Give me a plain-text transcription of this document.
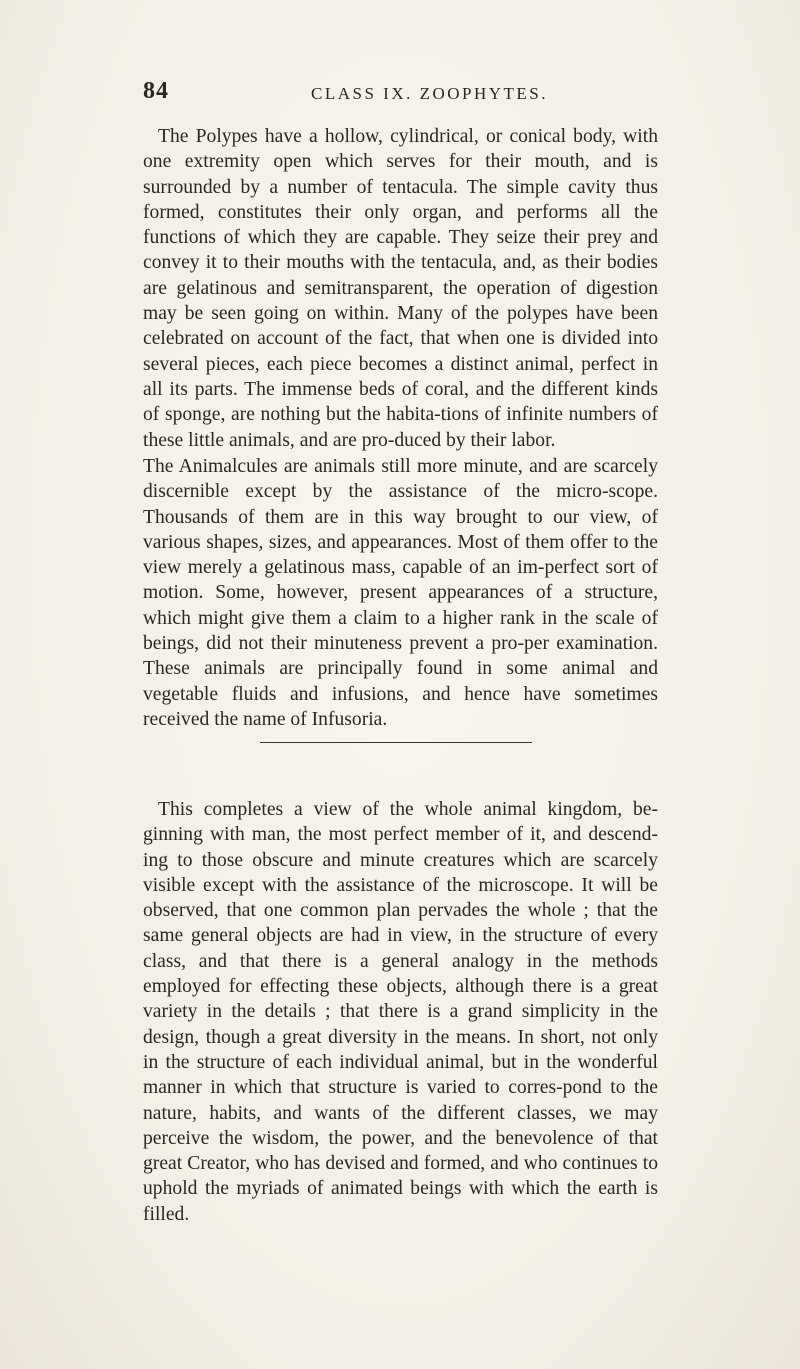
84	CLASS IX. ZOOPHYTES.

The Polypes have a hollow, cylindrical, or conical body, with one extremity open which serves for their mouth, and is surrounded by a number of tentacula. The simple cavity thus formed, constitutes their only organ, and performs all the functions of which they are capable. They seize their prey and convey it to their mouths with the tentacula, and, as their bodies are gelatinous and semitransparent, the operation of digestion may be seen going on within. Many of the polypes have been celebrated on account of the fact, that when one is divided into several pieces, each piece becomes a distinct animal, perfect in all its parts. The immense beds of coral, and the different kinds of sponge, are nothing but the habita-tions of infinite numbers of these little animals, and are pro-duced by their labor.

The Animalcules are animals still more minute, and are scarcely discernible except by the assistance of the micro-scope. Thousands of them are in this way brought to our view, of various shapes, sizes, and appearances. Most of them offer to the view merely a gelatinous mass, capable of an im-perfect sort of motion. Some, however, present appearances of a structure, which might give them a claim to a higher rank in the scale of beings, did not their minuteness prevent a pro-per examination. These animals are principally found in some animal and vegetable fluids and infusions, and hence have sometimes received the name of Infusoria.

This completes a view of the whole animal kingdom, be-ginning with man, the most perfect member of it, and descend-ing to those obscure and minute creatures which are scarcely visible except with the assistance of the microscope. It will be observed, that one common plan pervades the whole ; that the same general objects are had in view, in the structure of every class, and that there is a general analogy in the methods employed for effecting these objects, although there is a great variety in the details ; that there is a grand simplicity in the design, though a great diversity in the means. In short, not only in the structure of each individual animal, but in the wonderful manner in which that structure is varied to corres-pond to the nature, habits, and wants of the different classes, we may perceive the wisdom, the power, and the benevolence of that great Creator, who has devised and formed, and who continues to uphold the myriads of animated beings with which the earth is filled.
